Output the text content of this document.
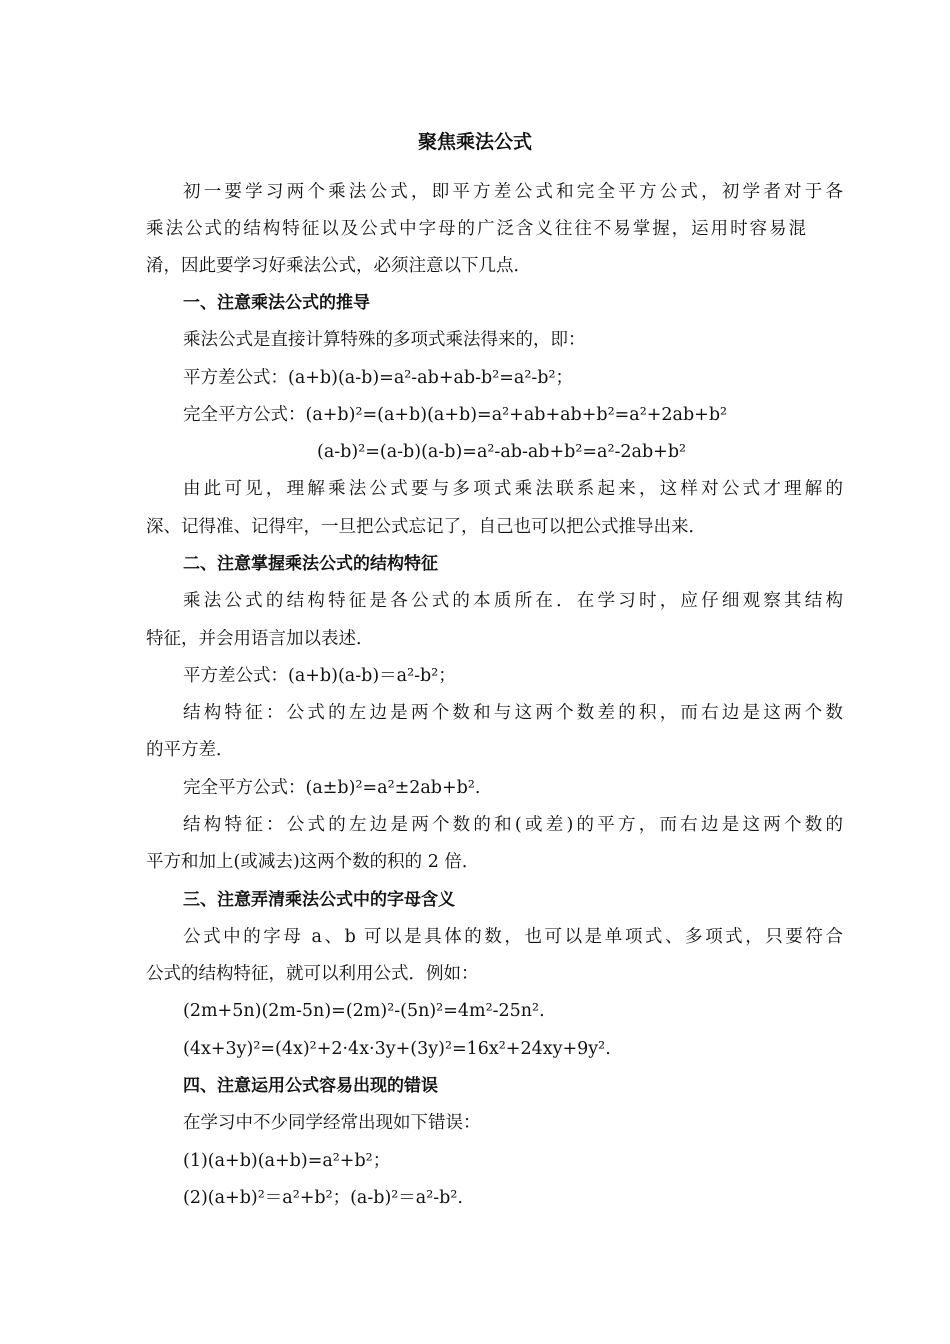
聚焦乘法公式
初一要学习两个乘法公式，即平方差公式和完全平方公式，初学者对于各
乘法公式的结构特征以及公式中字母的广泛含义往往不易掌握，运用时容易混
淆，因此要学习好乘法公式，必须注意以下几点．
一、注意乘法公式的推导
乘法公式是直接计算特殊的多项式乘法得来的，即：
平方差公式：(a+b)(a-b)=a²-ab+ab-b²=a²-b²；
完全平方公式：(a+b)²=(a+b)(a+b)=a²+ab+ab+b²=a²+2ab+b²
(a-b)²=(a-b)(a-b)=a²-ab-ab+b²=a²-2ab+b²
由此可见，理解乘法公式要与多项式乘法联系起来，这样对公式才理解的
深、记得准、记得牢，一旦把公式忘记了，自己也可以把公式推导出来．
二、注意掌握乘法公式的结构特征
乘法公式的结构特征是各公式的本质所在．在学习时，应仔细观察其结构
特征，并会用语言加以表述．
平方差公式：(a+b)(a-b)＝a²-b²；
结构特征：公式的左边是两个数和与这两个数差的积，而右边是这两个数
的平方差．
完全平方公式：(a±b)²=a²±2ab+b².
结构特征：公式的左边是两个数的和(或差)的平方，而右边是这两个数的
平方和加上(或减去)这两个数的积的 2 倍．
三、注意弄清乘法公式中的字母含义
公式中的字母 a、b 可以是具体的数，也可以是单项式、多项式，只要符合
公式的结构特征，就可以利用公式．例如：
(2m+5n)(2m-5n)=(2m)²-(5n)²=4m²-25n².
(4x+3y)²=(4x)²+2·4x·3y+(3y)²=16x²+24xy+9y².
四、注意运用公式容易出现的错误
在学习中不少同学经常出现如下错误：
(1)(a+b)(a+b)=a²+b²；
(2)(a+b)²＝a²+b²；(a-b)²＝a²-b².
